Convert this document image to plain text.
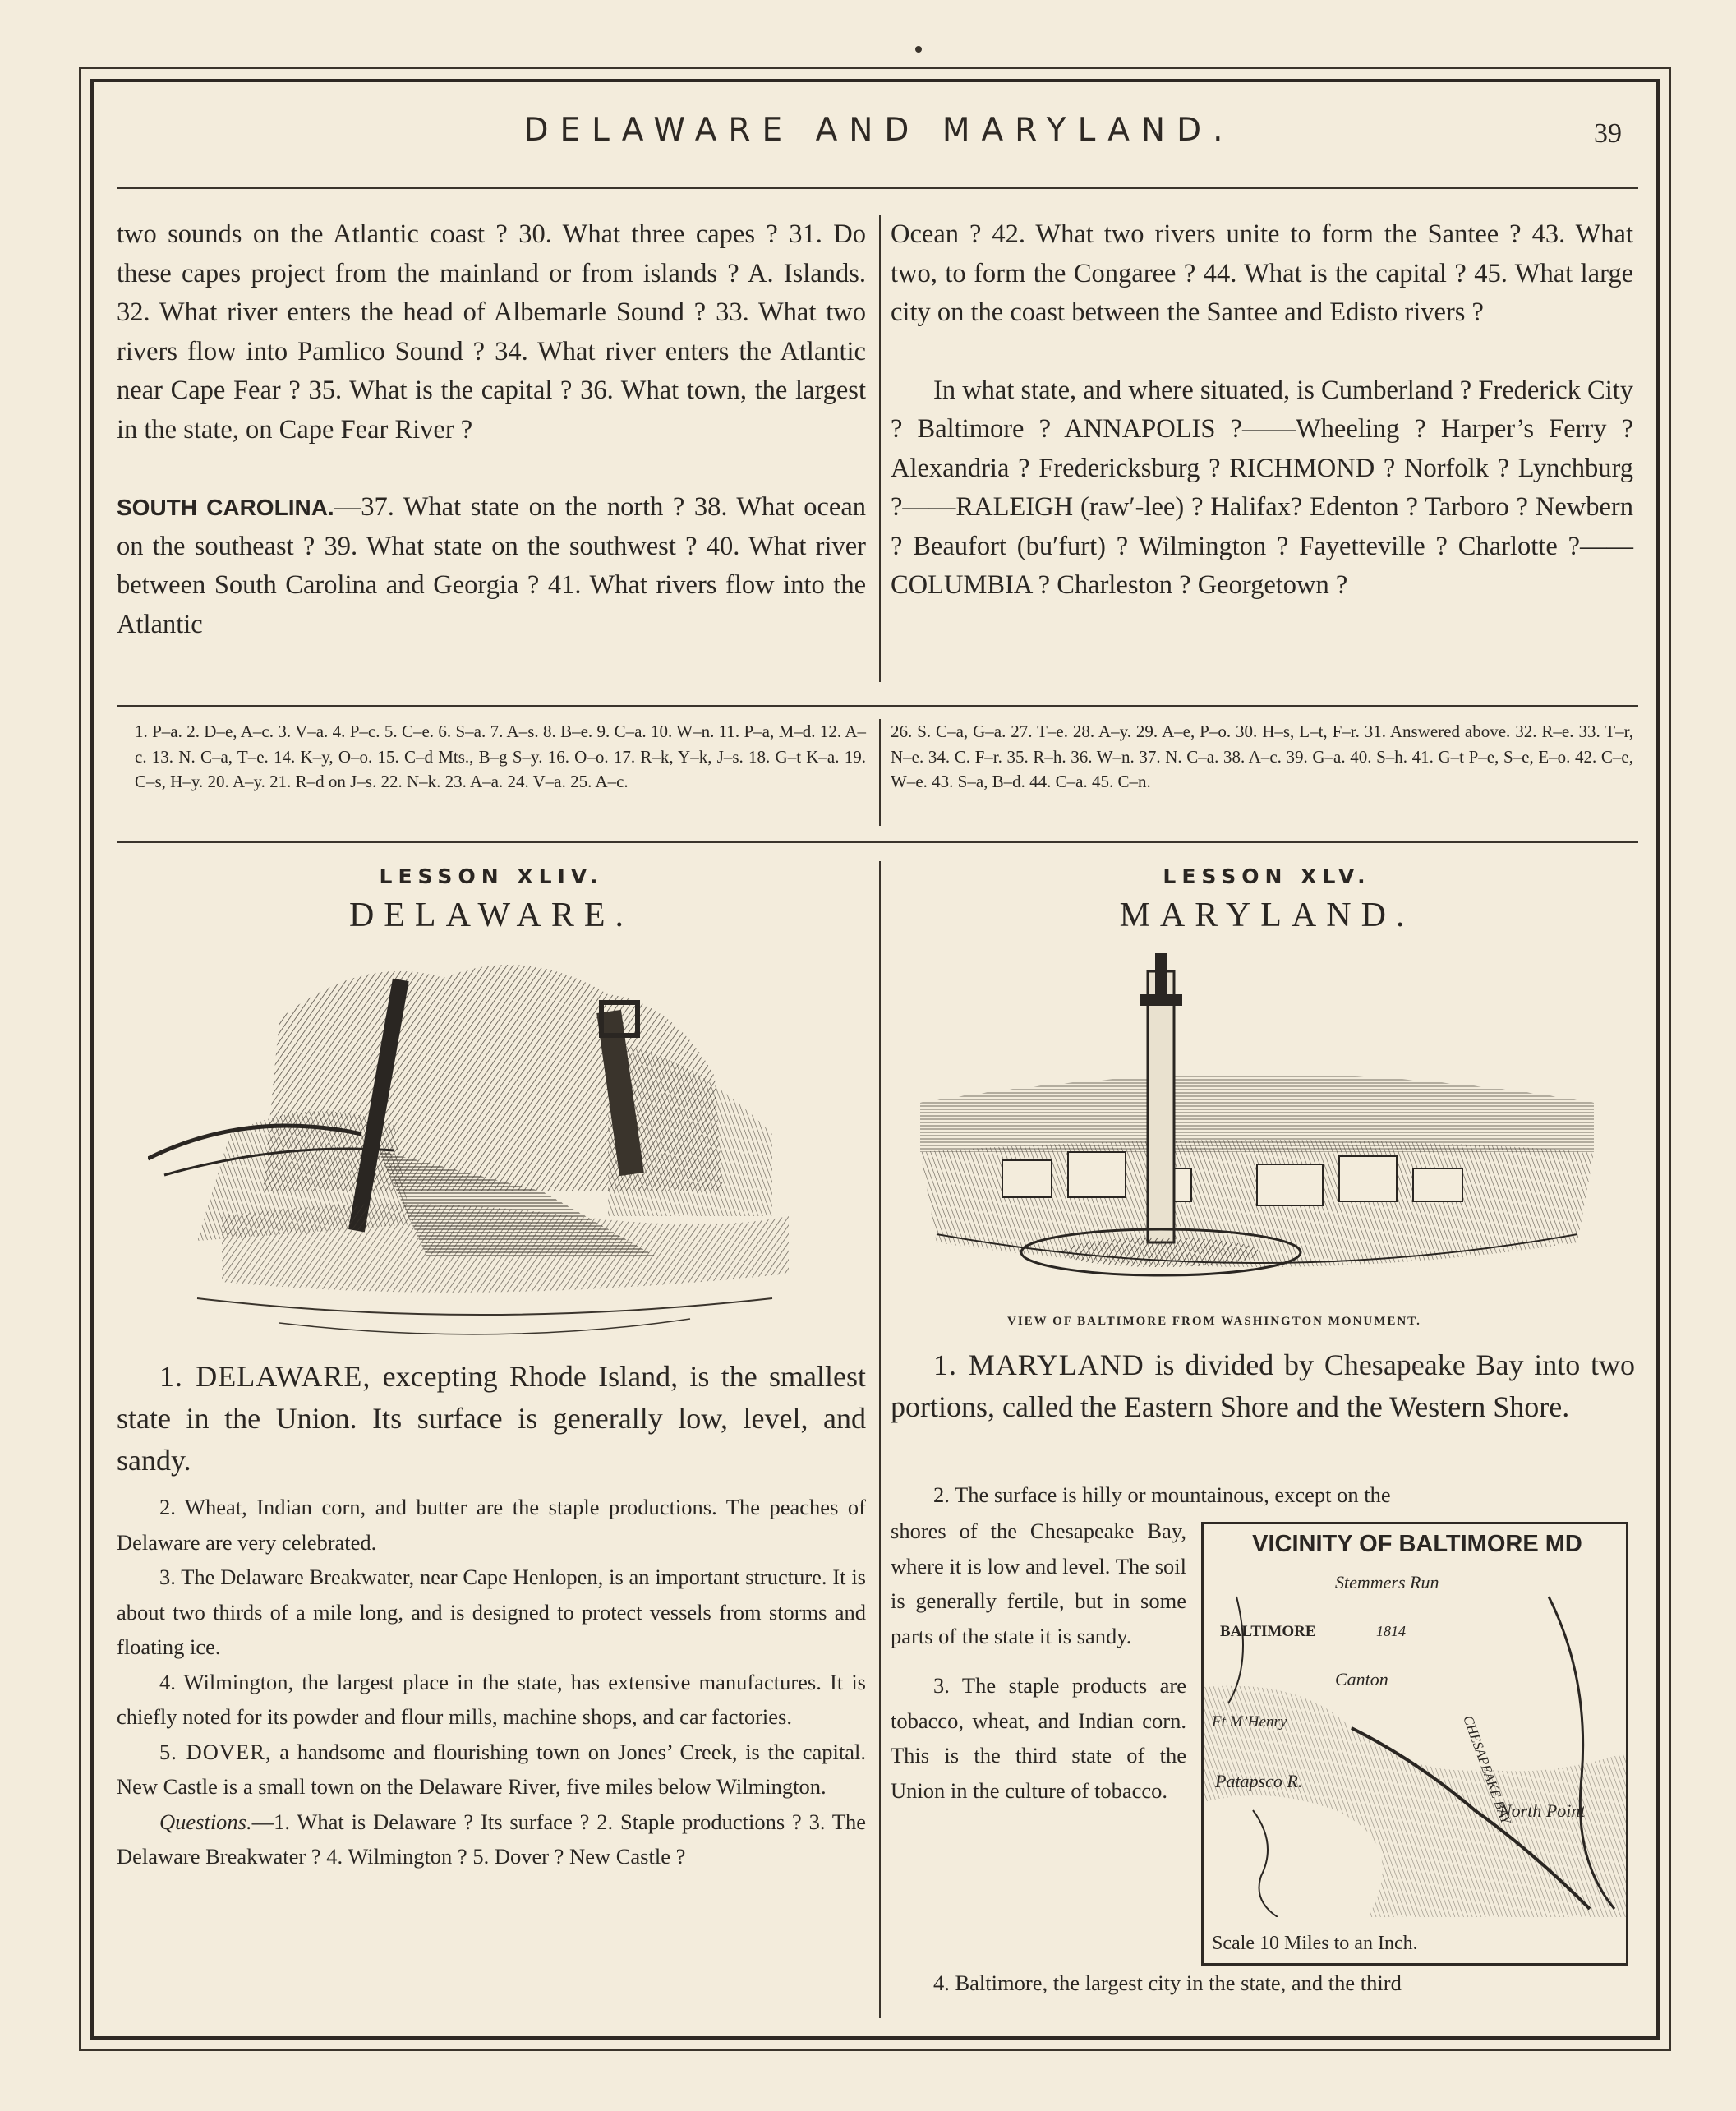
DELAWARE AND MARYLAND.	39

two sounds on the Atlantic coast ? 30. What three capes ? 31. Do these capes project from the mainland or from islands ? A. Islands. 32. What river enters the head of Albemarle Sound ? 33. What two rivers flow into Pamlico Sound ? 34. What river enters the Atlantic near Cape Fear ? 35. What is the capital ? 36. What town, the largest in the state, on Cape Fear River ?

SOUTH CAROLINA.—37. What state on the north ? 38. What ocean on the southeast ? 39. What state on the southwest ? 40. What river between South Carolina and Georgia ? 41. What rivers flow into the Atlantic

Ocean ? 42. What two rivers unite to form the Santee ? 43. What two, to form the Congaree ? 44. What is the capital ? 45. What large city on the coast between the Santee and Edisto rivers ?

In what state, and where situated, is Cumberland ? Frederick City ? Baltimore ? ANNAPOLIS ?——Wheeling ? Harper’s Ferry ? Alexandria ? Fredericksburg ? RICHMOND ? Norfolk ? Lynchburg ?——RALEIGH (raw′-lee) ? Halifax? Edenton ? Tarboro ? Newbern ? Beaufort (bu′furt) ? Wilmington ? Fayetteville ? Charlotte ?——COLUMBIA ? Charleston ? Georgetown ?

1. P–a. 2. D–e, A–c. 3. V–a. 4. P–c. 5. C–e. 6. S–a. 7. A–s. 8. B–e. 9. C–a. 10. W–n. 11. P–a, M–d. 12. A–c. 13. N. C–a, T–e. 14. K–y, O–o. 15. C–d Mts., B–g S–y. 16. O–o. 17. R–k, Y–k, J–s. 18. G–t K–a. 19. C–s, H–y. 20. A–y. 21. R–d on J–s. 22. N–k. 23. A–a. 24. V–a. 25. A–c.

26. S. C–a, G–a. 27. T–e. 28. A–y. 29. A–e, P–o. 30. H–s, L–t, F–r. 31. Answered above. 32. R–e. 33. T–r, N–e. 34. C. F–r. 35. R–h. 36. W–n. 37. N. C–a. 38. A–c. 39. G–a. 40. S–h. 41. G–t P–e, S–e, E–o. 42. C–e, W–e. 43. S–a, B–d. 44. C–a. 45. C–n.

LESSON XLIV.
DELAWARE.

1. DELAWARE, excepting Rhode Island, is the smallest state in the Union. Its surface is generally low, level, and sandy.

2. Wheat, Indian corn, and butter are the staple productions. The peaches of Delaware are very celebrated.

3. The Delaware Breakwater, near Cape Henlopen, is an important structure. It is about two thirds of a mile long, and is designed to protect vessels from storms and floating ice.

4. Wilmington, the largest place in the state, has extensive manufactures. It is chiefly noted for its powder and flour mills, machine shops, and car factories.

5. DOVER, a handsome and flourishing town on Jones’ Creek, is the capital. New Castle is a small town on the Delaware River, five miles below Wilmington.

Questions.—1. What is Delaware ? Its surface ? 2. Staple productions ? 3. The Delaware Breakwater ? 4. Wilmington ? 5. Dover ? New Castle ?

LESSON XLV.
MARYLAND.
VIEW OF BALTIMORE FROM WASHINGTON MONUMENT.

1. MARYLAND is divided by Chesapeake Bay into two portions, called the Eastern Shore and the Western Shore.

2. The surface is hilly or mountainous, except on the

shores of the Chesapeake Bay, where it is low and level. The soil is generally fertile, but in some parts of the state it is sandy.

3. The staple products are tobacco, wheat, and Indian corn. This is the third state of the Union in the culture of tobacco.

VICINITY OF BALTIMORE MD
Stemmers Run
BALTIMORE	1814
Canton
Ft M’Henry
Patapsco R.
North Point
CHESAPEAKE BAY
Scale 10 Miles to an Inch.

4. Baltimore, the largest city in the state, and the third
